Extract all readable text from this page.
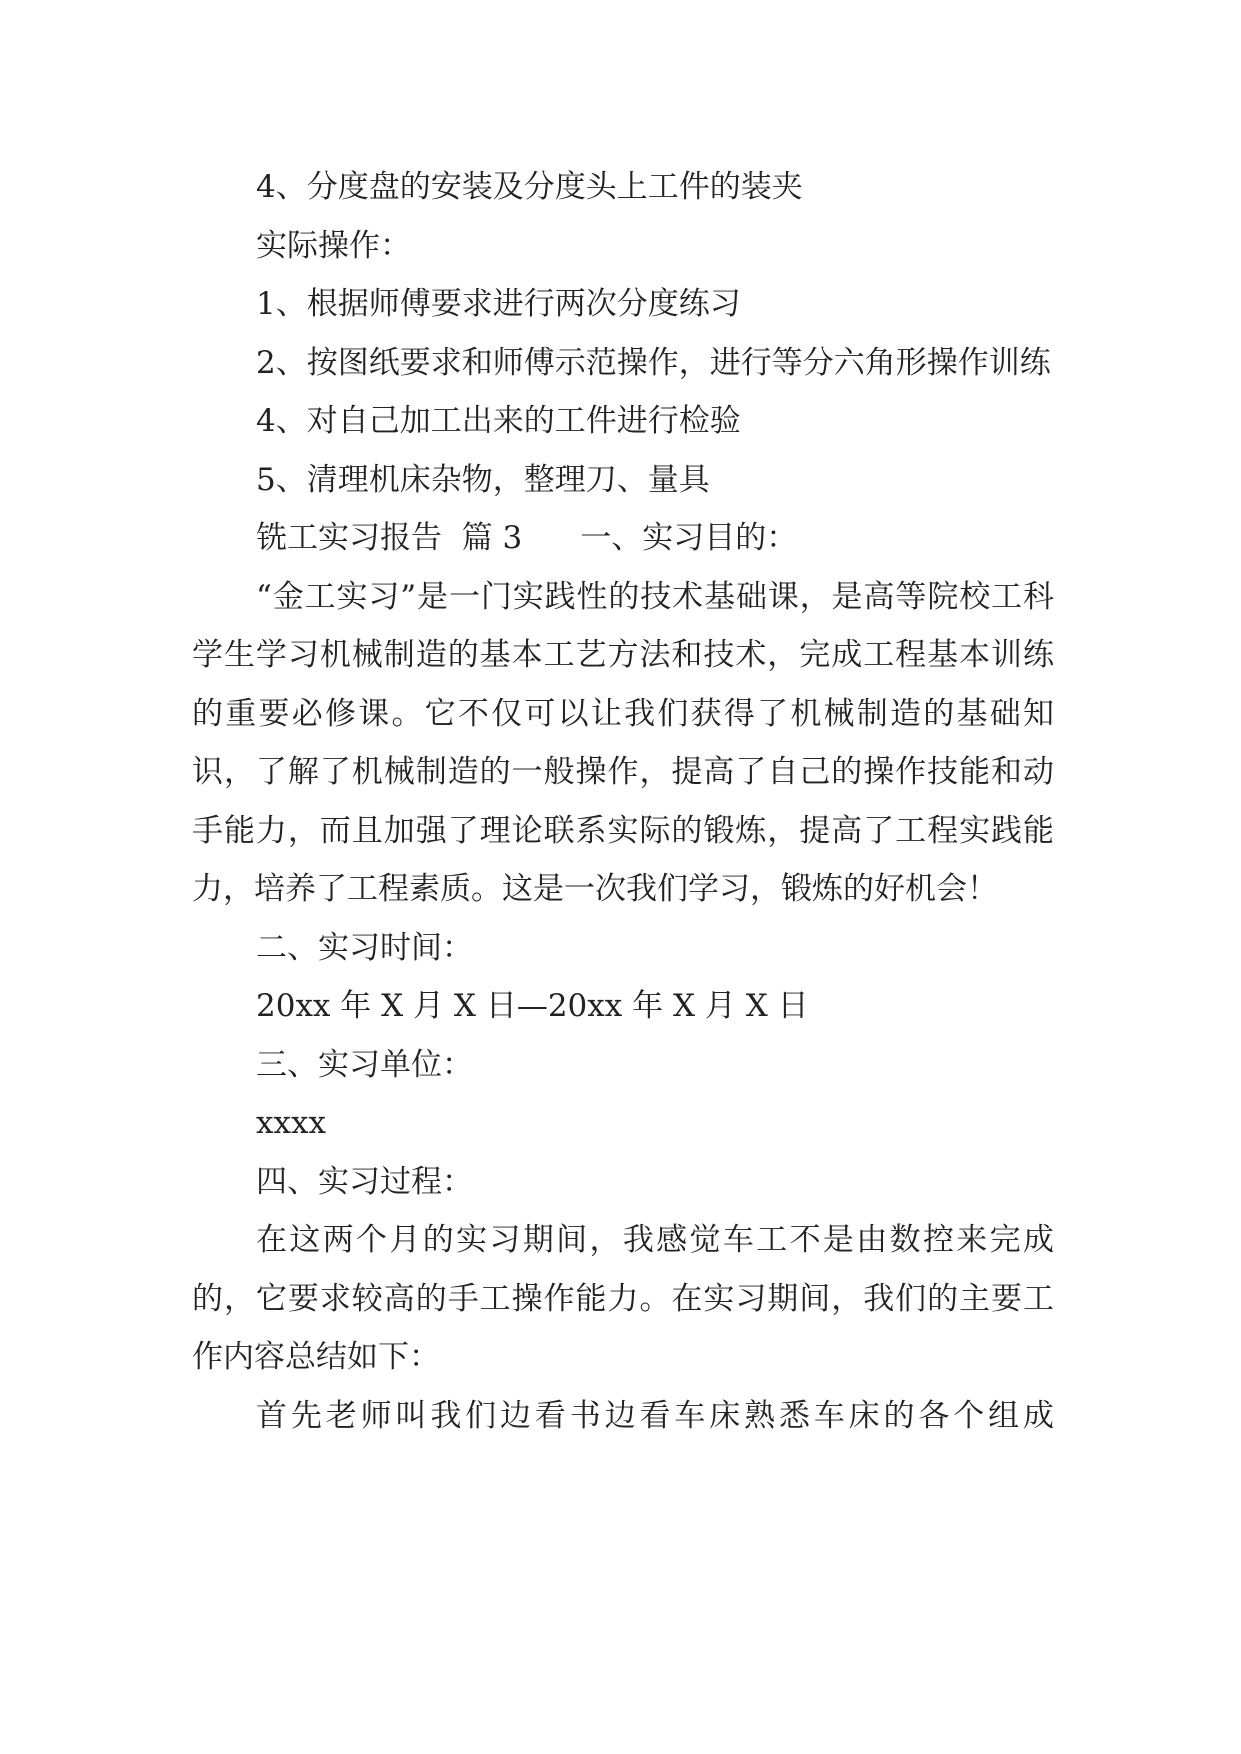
4、分度盘的安装及分度头上工件的装夹

实际操作：

1、根据师傅要求进行两次分度练习

2、按图纸要求和师傅示范操作，进行等分六角形操作训练

4、对自己加工出来的工件进行检验

5、清理机床杂物，整理刀、量具

铣工实习报告  篇 3 一、实习目的：

“金工实习”是一门实践性的技术基础课，是高等院校工科学生学习机械制造的基本工艺方法和技术，完成工程基本训练的重要必修课。它不仅可以让我们获得了机械制造的基础知识，了解了机械制造的一般操作，提高了自己的操作技能和动手能力，而且加强了理论联系实际的锻炼，提高了工程实践能力，培养了工程素质。这是一次我们学习，锻炼的好机会！

二、实习时间：

20xx 年 X 月 X 日—20xx 年 X 月 X 日

三、实习单位：

xxxx

四、实习过程：

在这两个月的实习期间，我感觉车工不是由数控来完成的，它要求较高的手工操作能力。在实习期间，我们的主要工作内容总结如下：

首先老师叫我们边看书边看车床熟悉车床的各个组成
